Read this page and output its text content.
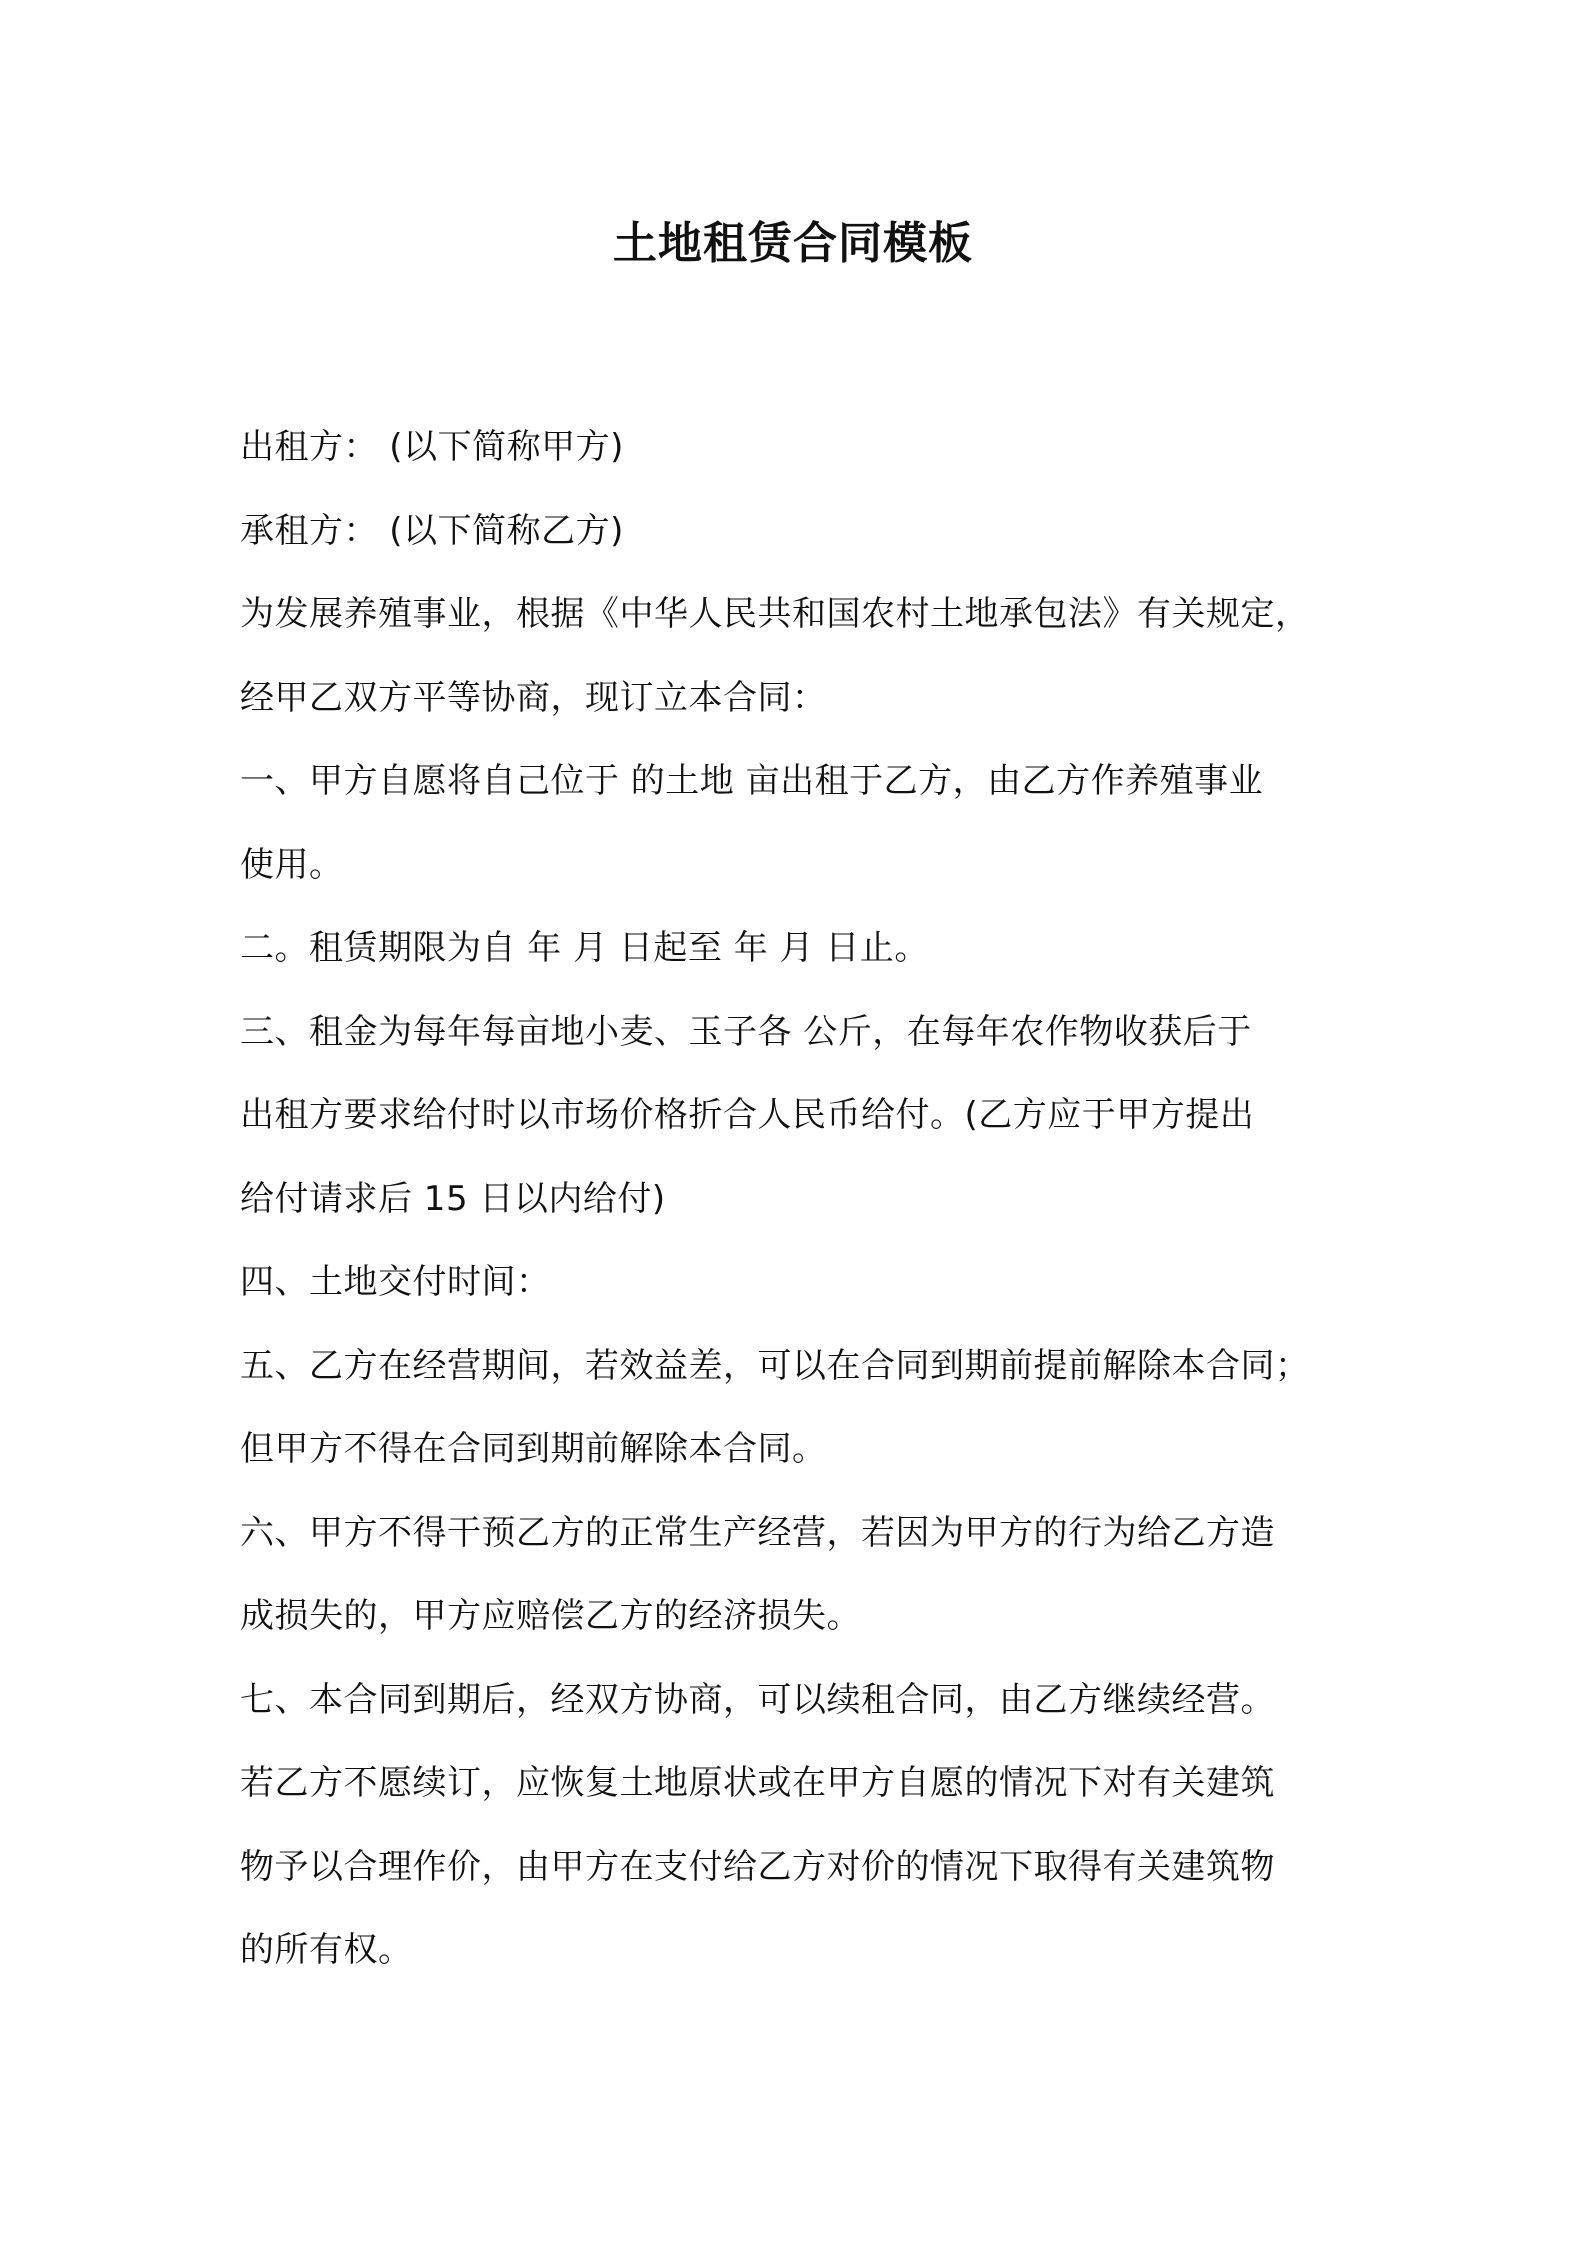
土地租赁合同模板
出租方： (以下简称甲方)
承租方： (以下简称乙方)
为发展养殖事业，根据《中华人民共和国农村土地承包法》有关规定，
经甲乙双方平等协商，现订立本合同：
一、甲方自愿将自己位于 的土地 亩出租于乙方，由乙方作养殖事业
使用。
二。租赁期限为自 年 月 日起至 年 月 日止。
三、租金为每年每亩地小麦、玉子各 公斤，在每年农作物收获后于
出租方要求给付时以市场价格折合人民币给付。(乙方应于甲方提出
给付请求后 15 日以内给付)
四、土地交付时间：
五、乙方在经营期间，若效益差，可以在合同到期前提前解除本合同；
但甲方不得在合同到期前解除本合同。
六、甲方不得干预乙方的正常生产经营，若因为甲方的行为给乙方造
成损失的，甲方应赔偿乙方的经济损失。
七、本合同到期后，经双方协商，可以续租合同，由乙方继续经营。
若乙方不愿续订，应恢复土地原状或在甲方自愿的情况下对有关建筑
物予以合理作价，由甲方在支付给乙方对价的情况下取得有关建筑物
的所有权。
